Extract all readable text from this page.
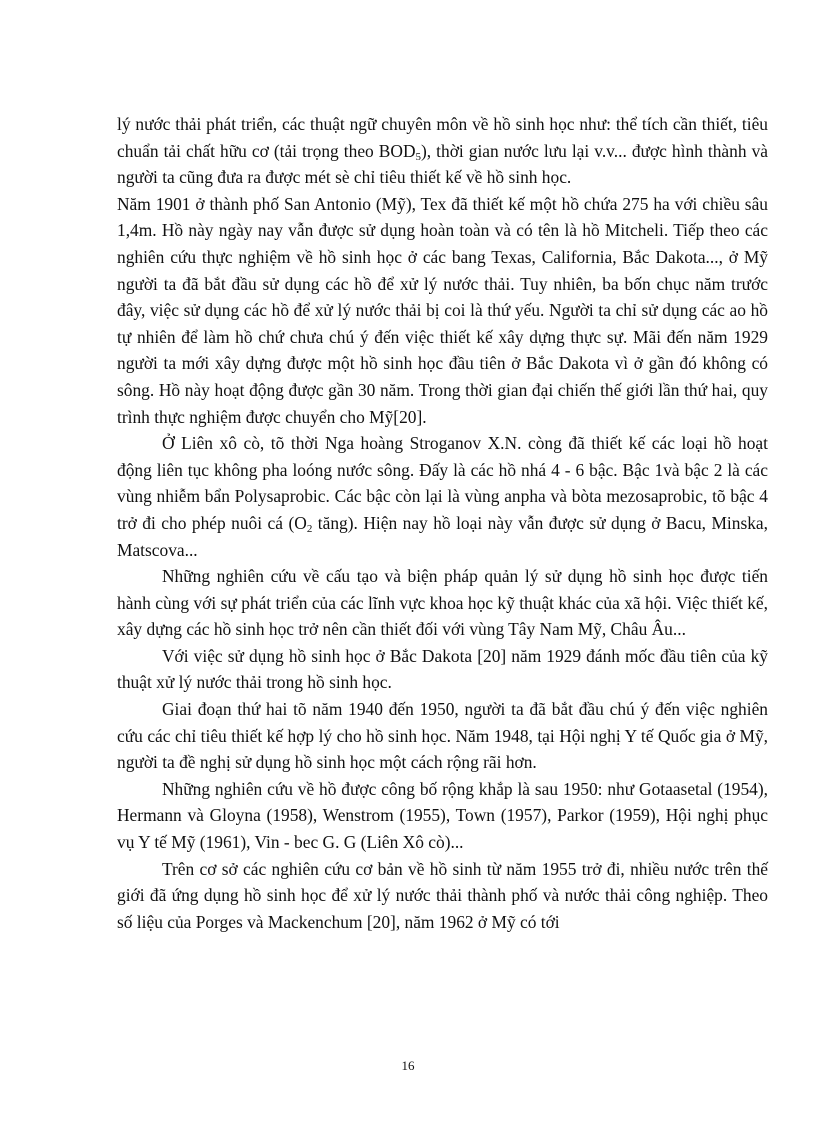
lý nước thải phát triển, các thuật ngữ chuyên môn về hồ sinh học như: thể tích cần thiết, tiêu chuẩn tải chất hữu cơ (tải trọng theo $BOD_5$), thời gian nước lưu lại v.v... được hình thành và người ta cũng đưa ra được mét sè chỉ tiêu thiết kế về hồ sinh học.

Năm 1901 ở thành phố San Antonio (Mỹ), Tex đã thiết kế một hồ chứa 275 ha với chiều sâu 1,4m. Hồ này ngày nay vẫn được sử dụng hoàn toàn và có tên là hồ Mitcheli. Tiếp theo các nghiên cứu thực nghiệm về hồ sinh học ở các bang Texas, California, Bắc Dakota..., ở Mỹ người ta đã bắt đầu sử dụng các hồ để xử lý nước thải. Tuy nhiên, ba bốn chục năm trước đây, việc sử dụng các hồ để xử lý nước thải bị coi là thứ yếu. Người ta chỉ sử dụng các ao hồ tự nhiên để làm hồ chứ chưa chú ý đến việc thiết kế xây dựng thực sự. Mãi đến năm 1929 người ta mới xây dựng được một hồ sinh học đầu tiên ở Bắc Dakota vì ở gần đó không có sông. Hồ này hoạt động được gần 30 năm. Trong thời gian đại chiến thế giới lần thứ hai, quy trình thực nghiệm được chuyển cho Mỹ[20].

Ở Liên xô cò, tõ thời Nga hoàng Stroganov X.N. còng đã thiết kế các loại hồ hoạt động liên tục không pha loóng nước sông. Đấy là các hồ nhá 4 - 6 bậc. Bậc 1và bậc 2 là các vùng nhiễm bẩn Polysaprobic. Các bậc còn lại là vùng anpha và bòta mezosaprobic, tõ bậc 4 trở đi cho phép nuôi cá ($O_2$ tăng). Hiện nay hồ loại này vẫn được sử dụng ở Bacu, Minska, Matscova...

Những nghiên cứu về cấu tạo và biện pháp quản lý sử dụng hồ sinh học được tiến hành cùng với sự phát triển của các lĩnh vực khoa học kỹ thuật khác của xã hội. Việc thiết kế, xây dựng các hồ sinh học trở nên cần thiết đối với vùng Tây Nam Mỹ, Châu Âu...

Với việc sử dụng hồ sinh học ở Bắc Dakota [20] năm 1929 đánh mốc đầu tiên của kỹ thuật xử lý nước thải trong hồ sinh học.

Giai đoạn thứ hai tõ năm 1940 đến 1950, người ta đã bắt đầu chú ý đến việc nghiên cứu các chỉ tiêu thiết kế hợp lý cho hồ sinh học. Năm 1948, tại Hội nghị Y tế Quốc gia ở Mỹ, người ta đề nghị sử dụng hồ sinh học một cách rộng rãi hơn.

Những nghiên cứu về hồ được công bố rộng khắp là sau 1950: như Gotaasetal (1954), Hermann và Gloyna (1958), Wenstrom (1955), Town (1957), Parkor (1959), Hội nghị phục vụ Y tế Mỹ (1961), Vin - bec G. G (Liên Xô cò)...

Trên cơ sở các nghiên cứu cơ bản về hồ sinh từ năm 1955 trở đi, nhiều nước trên thế giới đã ứng dụng hồ sinh học để xử lý nước thải thành phố và nước thải công nghiệp. Theo số liệu của Porges và Mackenchum [20], năm 1962 ở Mỹ có tới

16
